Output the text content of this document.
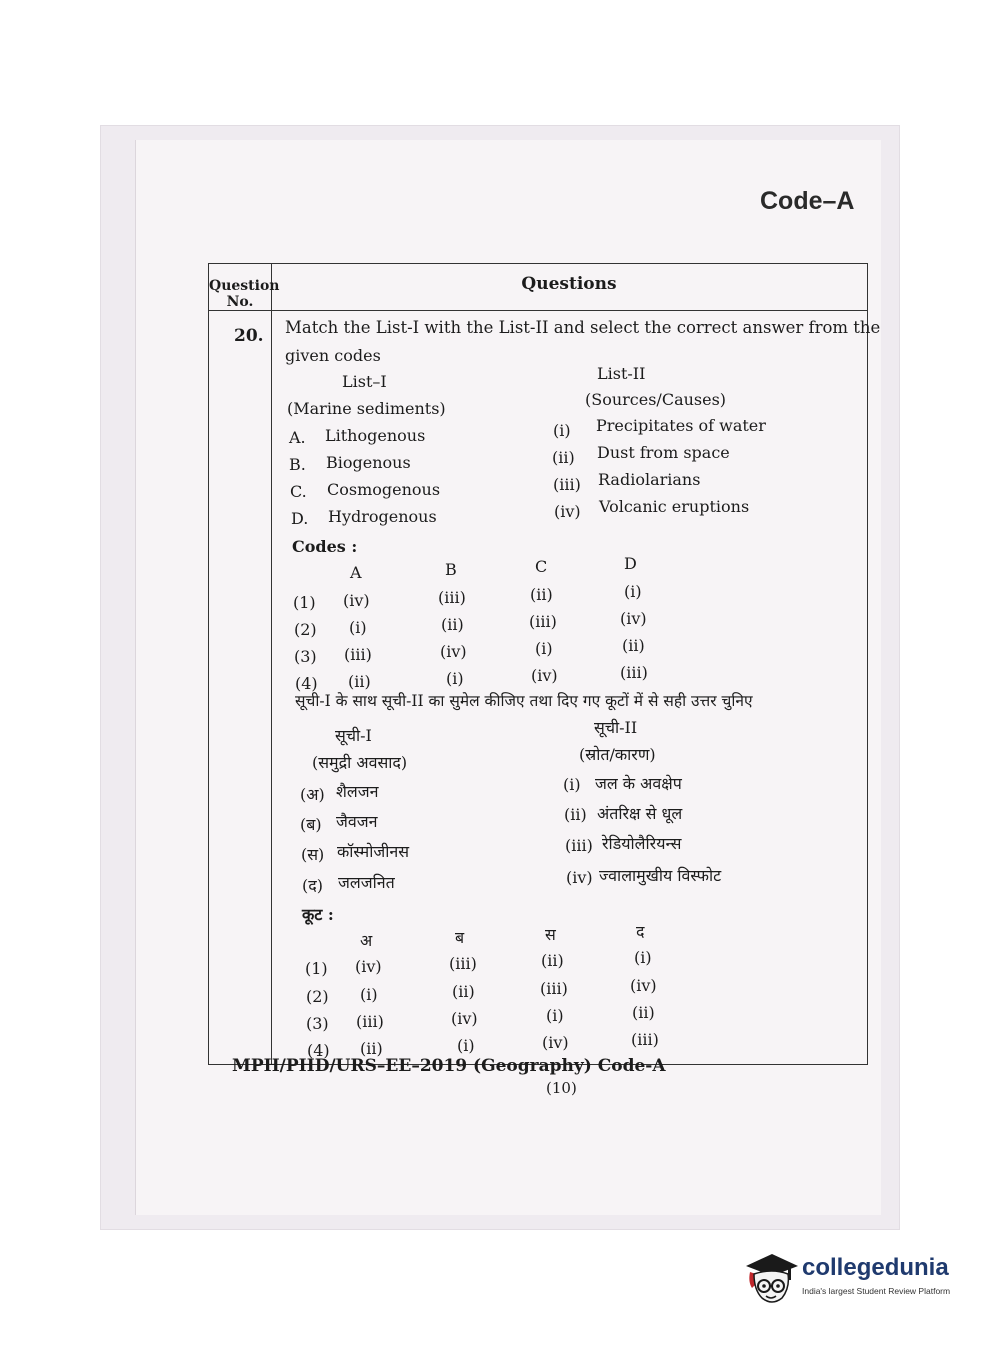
Code–A
Question No.
Questions
20. Match the List-I with the List-II and select the correct answer from the
given codes
List–I
(Marine sediments)
List-II
(Sources/Causes)
A. Lithogenous
B. Biogenous
C. Cosmogenous
D. Hydrogenous
(i) Precipitates of water
(ii) Dust from space
(iii) Radiolarians
(iv) Volcanic eruptions
Codes :
A	B	C	D
(1) (iv)	(iii)	(ii)	(i)
(2) (i)	(ii)	(iii)	(iv)
(3) (iii)	(iv)	(i)	(ii)
(4) (ii)	(i)	(iv)	(iii)
सूची-I के साथ सूची-II का सुमेल कीजिए तथा दिए गए कूटों में से सही उत्तर चुनिए
सूची-I
(समुद्री अवसाद)
सूची-II
(स्रोत/कारण)
(अ) शैलजन
(ब) जैवजन
(स) कॉस्मोजीनस
(द) जलजनित
(i) जल के अवक्षेप
(ii) अंतरिक्ष से धूल
(iii) रेडियोलैरियन्स
(iv) ज्वालामुखीय विस्फोट
कूट :
अ	ब	स	द
(1) (iv)	(iii)	(ii)	(i)
(2) (i)	(ii)	(iii)	(iv)
(3) (iii)	(iv)	(i)	(ii)
(4) (ii)	(i)	(iv)	(iii)
MPH/PHD/URS–EE–2019 (Geography) Code-A
(10)
collegedunia
India's largest Student Review Platform
